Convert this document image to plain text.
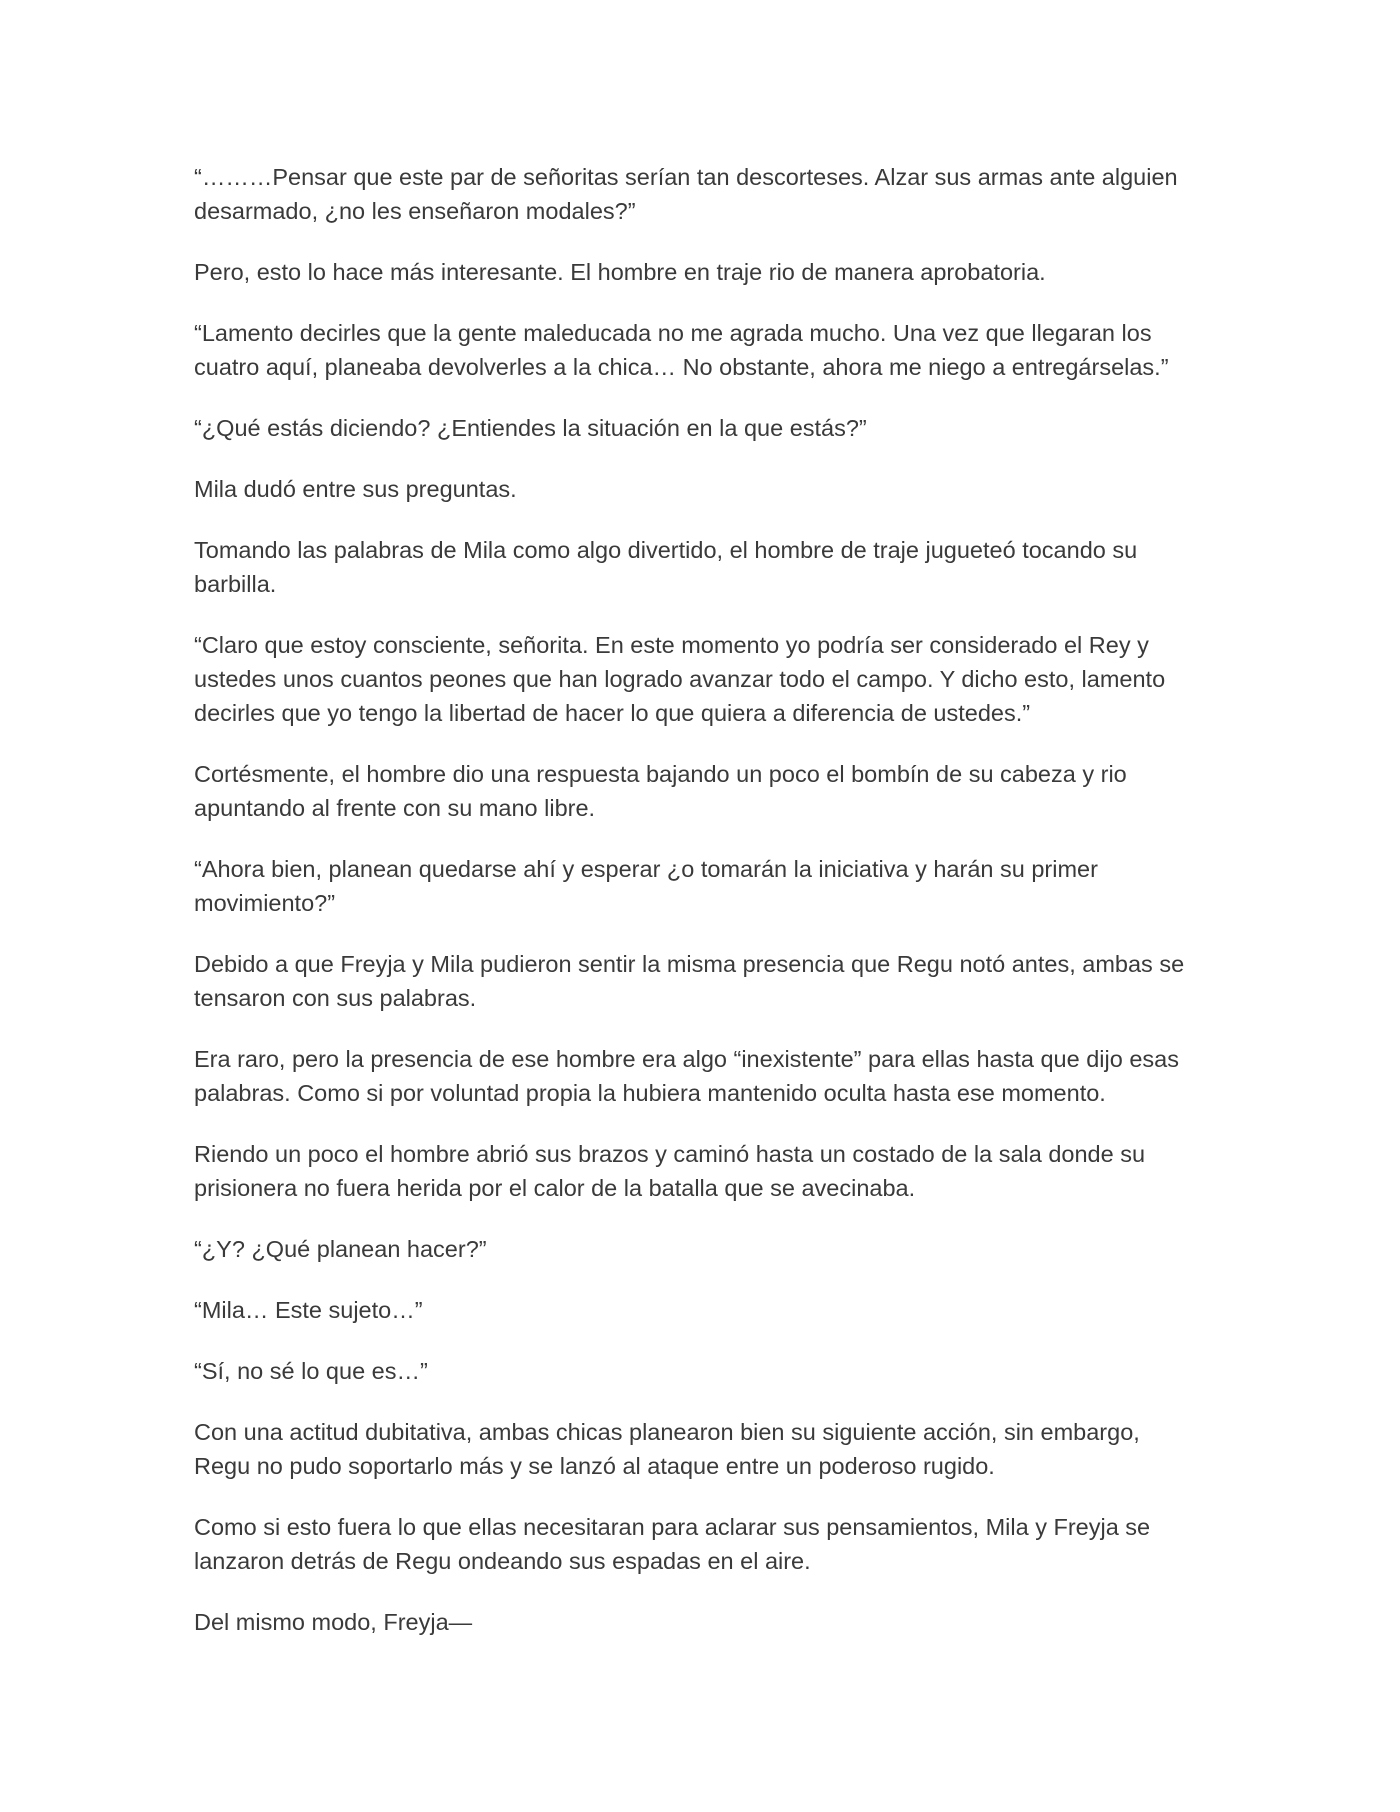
“………Pensar que este par de señoritas serían tan descorteses. Alzar sus armas ante alguien desarmado, ¿no les enseñaron modales?”

Pero, esto lo hace más interesante. El hombre en traje rio de manera aprobatoria.

“Lamento decirles que la gente maleducada no me agrada mucho. Una vez que llegaran los cuatro aquí, planeaba devolverles a la chica… No obstante, ahora me niego a entregárselas.”

“¿Qué estás diciendo? ¿Entiendes la situación en la que estás?”

Mila dudó entre sus preguntas.

Tomando las palabras de Mila como algo divertido, el hombre de traje jugueteó tocando su barbilla.

“Claro que estoy consciente, señorita. En este momento yo podría ser considerado el Rey y ustedes unos cuantos peones que han logrado avanzar todo el campo. Y dicho esto, lamento decirles que yo tengo la libertad de hacer lo que quiera a diferencia de ustedes.”

Cortésmente, el hombre dio una respuesta bajando un poco el bombín de su cabeza y rio apuntando al frente con su mano libre.

“Ahora bien, planean quedarse ahí y esperar ¿o tomarán la iniciativa y harán su primer movimiento?”

Debido a que Freyja y Mila pudieron sentir la misma presencia que Regu notó antes, ambas se tensaron con sus palabras.

Era raro, pero la presencia de ese hombre era algo “inexistente” para ellas hasta que dijo esas palabras. Como si por voluntad propia la hubiera mantenido oculta hasta ese momento.

Riendo un poco el hombre abrió sus brazos y caminó hasta un costado de la sala donde su prisionera no fuera herida por el calor de la batalla que se avecinaba.

“¿Y? ¿Qué planean hacer?”

“Mila… Este sujeto…”

“Sí, no sé lo que es…”

Con una actitud dubitativa, ambas chicas planearon bien su siguiente acción, sin embargo, Regu no pudo soportarlo más y se lanzó al ataque entre un poderoso rugido.

Como si esto fuera lo que ellas necesitaran para aclarar sus pensamientos, Mila y Freyja se lanzaron detrás de Regu ondeando sus espadas en el aire.

Del mismo modo, Freyja—
